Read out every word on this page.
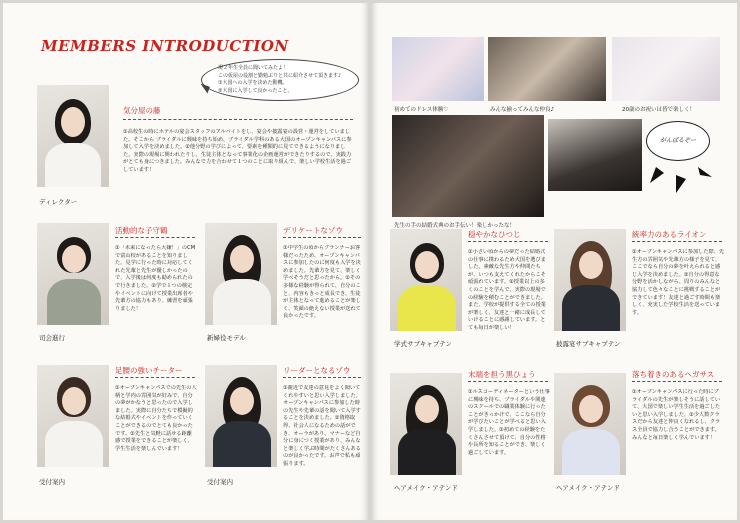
MEMBERS INTRODUCTION
現２年生全員に聞いてみたよ！
この仮屋の役割と勤勉ぶりと共に紹介させて頂きます♪
①大国への入学を決めた動機。
②大国に入学して良かったこと。
ディレクター
気分屋の藤
①高校生の時にホテルの宴会スタッフのアルバイトをし、宴会や披露宴の設営・運営をしていました。そこから ブライダルに興味を持ち始め、ブライダル学科のある大国のオープンキャンパスに参加して入学を決めました。②他分野の学びによって、要素を種類的に見てできるようになりました。実際の現場に関われたりし、生徒主体となって事業化の企画運営ができたりするので、実践力がとても身につきました。みんなで力を合わせて１つのことに取り組んで、楽しい学校生活を過ごしています！
司会進行
活動的な子守鶴
①「未来になったら大嫌！」のCMで富山校があることを知りました。見学に行った時に対応してくれた先輩と先生が優しかったので、入学後は何度も勧められたので行きました。②学で１つの検定やイベントに向けて授業出席者や先輩方の協力もあり、練習を頑張りました！
新婦役モデル
デリケートなゾウ
①中学生の頃からブランナーお客様だったため、オープンキャンパスに参加したのに何度も入学を決めました。先輩方を見て、楽しく学べそうだと思ったから。②その多様な経験が得られて、自分のこと、内容もきっと成長でき、生徒が主体となって進めることが楽しく、笑顔の絶えない授業が送れて良かったです。
受付案内
足腰の強いチーター
①オープンキャンパスでの先生の人柄と学内の雰囲気が好みで、自分の夢がかなうと思ったので入学しました。実際に自分たちで模擬的な結婚式やイベントを作っていくことができるのでとても良かったです。②先生と気軽に話せる距離感で授業をできることが楽しく、学生生活を楽しんでいます！
受付案内
リーダーとなるゾウ
①親近で友達の意見をよく聞いてくれやすいと思い入学しました。オープンキャンパスに参加した時の先生や先輩の話を聞いて入学することを決めました。②資格取得、社会人になるための話ができ、オーラがあり、マナーなど自分に身につく授業があり、みんなと楽しく学ぶ時間がたくさんあるのが良かったです。お声で私も頑張ります。
初めてのドレス体験♡	みんな揃ってみんな仲良♪	20歳のお祝いは皆で楽しく！
先生の手の結婚式典のお手伝い！楽しかったな！
がんばるぞー
学式サブキャプテン
穏やかなひつじ
①小さい頃からの夢だった結婚式の仕事に携わるため大国を選びました。素敵な先生方や仲間たちが、いつも支えてくれたからこそ頑張れています。②授業以上の多くのことを学んで、実際の現場での経験を積むことができました。また、学校が提供する全ての授業が楽しく、友達と一緒に成長していけることに感謝しています。とても毎日が楽しい！
披露宴サブキャプテン
統率力のあるライオン
①オープンキャンパスに参加した際、先生方の雰囲気や先輩方の様子を見て、ここでなら自分の夢を叶えられると感じ入学を決めました。②自分の得意な分野を活かしながら、周りのみんなと協力して色々なことに挑戦することができています！友達と過ごす時間も楽しく、充実した学校生活を送っています。
ヘアメイク・アテンド
末端を担う黒ひょう
①ルスコーディネーターという仕事に興味を持ち、ブライダルや関連のスクールでの職業体験に行ったことがきっかけで、ここなら自分が学びたいことが学べると思い入学しました。②初めての経験をたくさんさせて頂けて、自分の性格や長所を知ることができ、楽しく過ごしています。
ヘアメイク・アテンド
落ち着きのあるヘガサス
①オープンキャンパスに行った時にブライダルの先生が楽しそうに話していて、大国で楽しい学生生活を過ごしたいと思い入学しました。②少人数クラスだから友達と仲良くなれるし、クラス全員で協力し合うことができます。みんなと毎日楽しく学んでいます！
